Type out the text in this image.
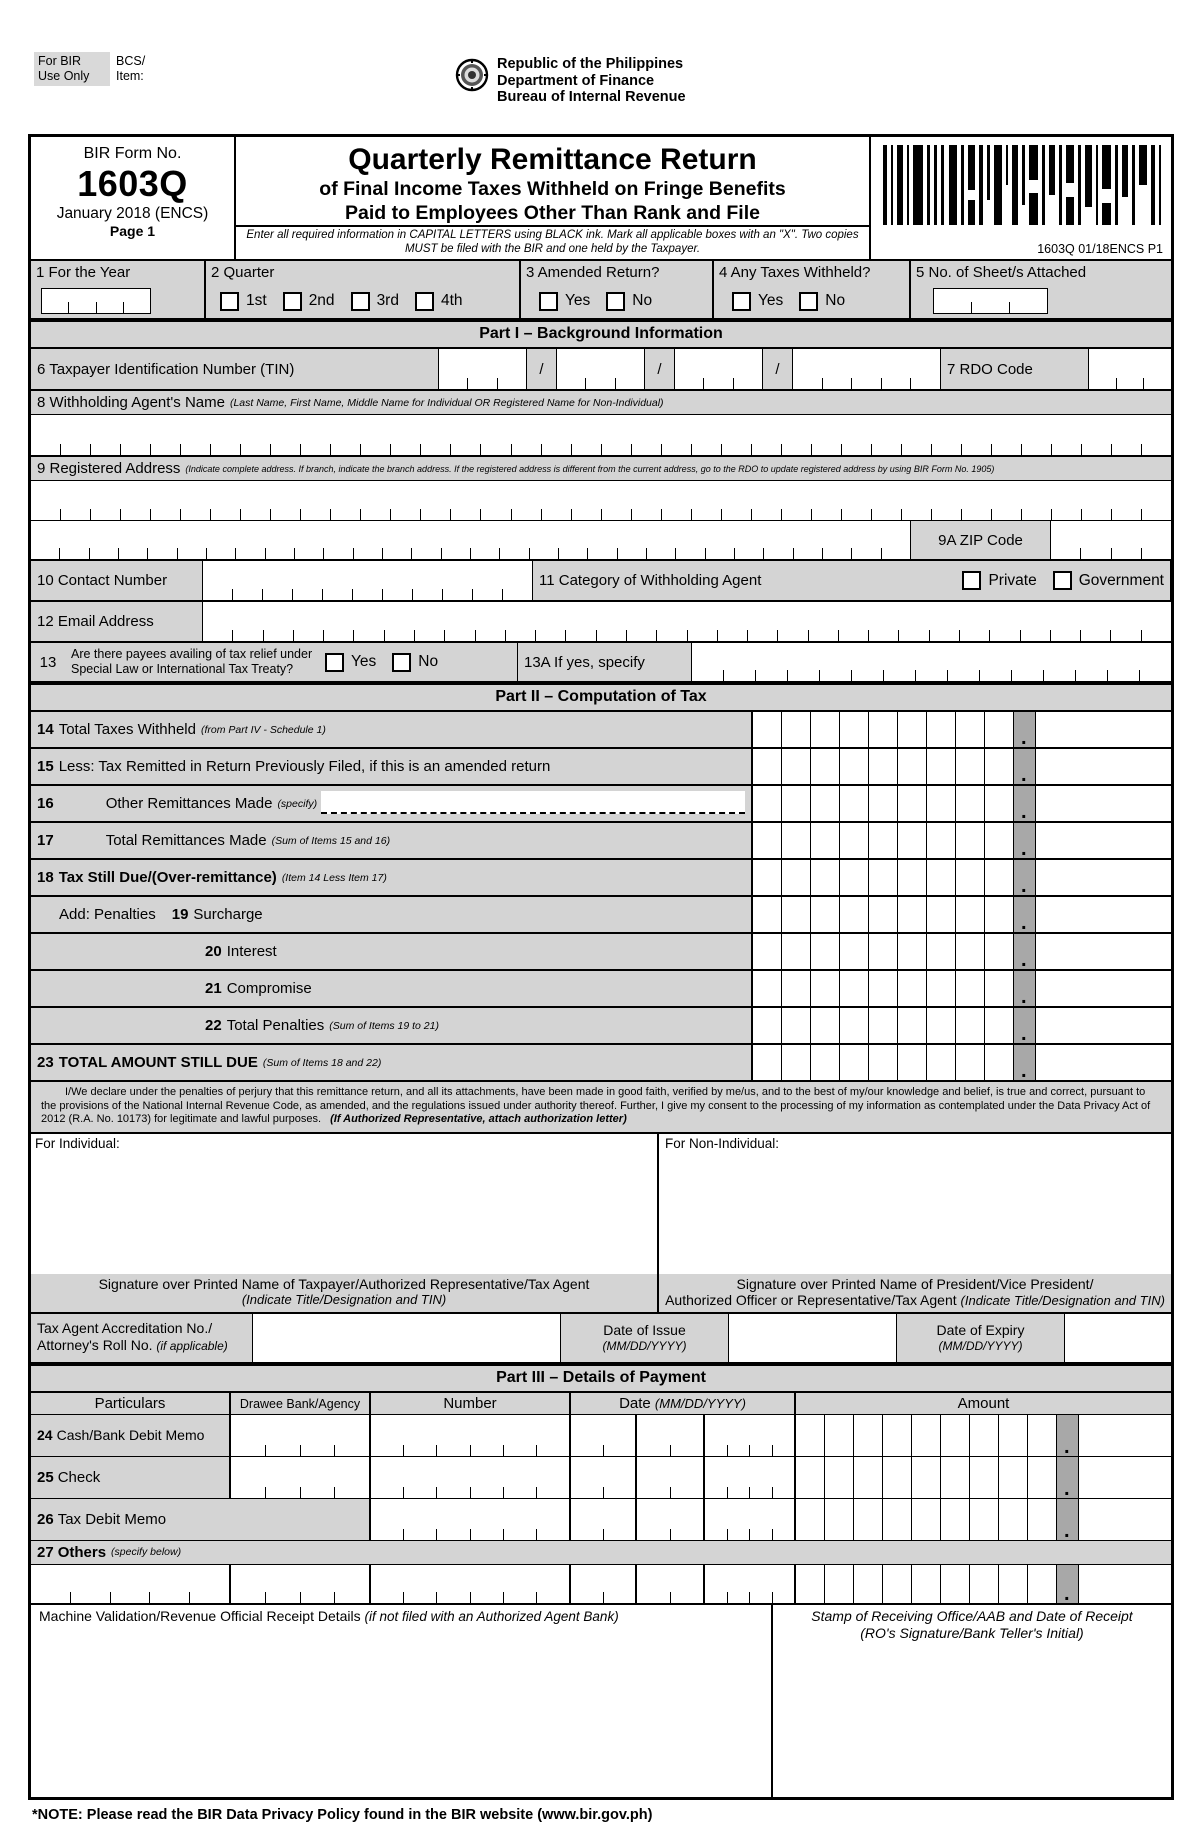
For BIR
Use Only
BCS/
Item:
Republic of the Philippines
Department of Finance
Bureau of Internal Revenue
BIR Form No.
1603Q
January 2018 (ENCS)
Page 1
Quarterly Remittance Return
of Final Income Taxes Withheld on Fringe Benefits
Paid to Employees Other Than Rank and File
Enter all required information in CAPITAL LETTERS using BLACK ink. Mark all applicable boxes with an "X". Two copies MUST be filed with the BIR and one held by the Taxpayer.	1603Q 01/18ENCS P1
1 For the Year	2 Quarter
1st	2nd	3rd	4th
3 Amended Return?
Yes	No
4 Any Taxes Withheld?
Yes	No
5 No. of Sheet/s Attached
Part I – Background Information
6 Taxpayer Identification Number (TIN)	/	/	/	7 RDO Code
8 Withholding Agent's Name (Last Name, First Name, Middle Name for Individual OR Registered Name for Non-Individual)
9 Registered Address (Indicate complete address. If branch, indicate the branch address. If the registered address is different from the current address, go to the RDO to update registered address by using BIR Form No. 1905)
9A ZIP Code
10 Contact Number	11 Category of Withholding Agent	Private	Government
12 Email Address
13	Are there payees availing of tax relief under
Special Law or International Tax Treaty?	Yes	No	13A If yes, specify
Part II – Computation of Tax
14 Total Taxes Withheld (from Part IV - Schedule 1)
.
15 Less: Tax Remitted in Return Previously Filed, if this is an amended return
.
16	Other Remittances Made (specify)
.
17	Total Remittances Made (Sum of Items 15 and 16)
.
18 Tax Still Due/(Over-remittance) (Item 14 Less Item 17)
.
Add: Penalties 19 Surcharge
.
20 Interest
.
21 Compromise
.
22 Total Penalties (Sum of Items 19 to 21)
.
23 TOTAL AMOUNT STILL DUE (Sum of Items 18 and 22)
.
I/We declare under the penalties of perjury that this remittance return, and all its attachments, have been made in good faith, verified by me/us, and to the best of my/our knowledge and belief, is true and correct, pursuant to the provisions of the National Internal Revenue Code, as amended, and the regulations issued under authority thereof. Further, I give my consent to the processing of my information as contemplated under the Data Privacy Act of 2012 (R.A. No. 10173) for legitimate and lawful purposes. (If Authorized Representative, attach authorization letter)
For Individual:	For Non-Individual:
Signature over Printed Name of Taxpayer/Authorized Representative/Tax Agent
(Indicate Title/Designation and TIN)
Signature over Printed Name of President/Vice President/
Authorized Officer or Representative/Tax Agent (Indicate Title/Designation and TIN)
Tax Agent Accreditation No./
Attorney's Roll No. (if applicable)
Date of Issue
(MM/DD/YYYY)
Date of Expiry
(MM/DD/YYYY)
Part III – Details of Payment
Particulars	Drawee Bank/Agency	Number	Date (MM/DD/YYYY)	Amount
24 Cash/Bank Debit Memo
.
25 Check
.
26 Tax Debit Memo
.
27 Others (specify below)
.
Machine Validation/Revenue Official Receipt Details (if not filed with an Authorized Agent Bank)	Stamp of Receiving Office/AAB and Date of Receipt
(RO's Signature/Bank Teller's Initial)
*NOTE: Please read the BIR Data Privacy Policy found in the BIR website (www.bir.gov.ph)
